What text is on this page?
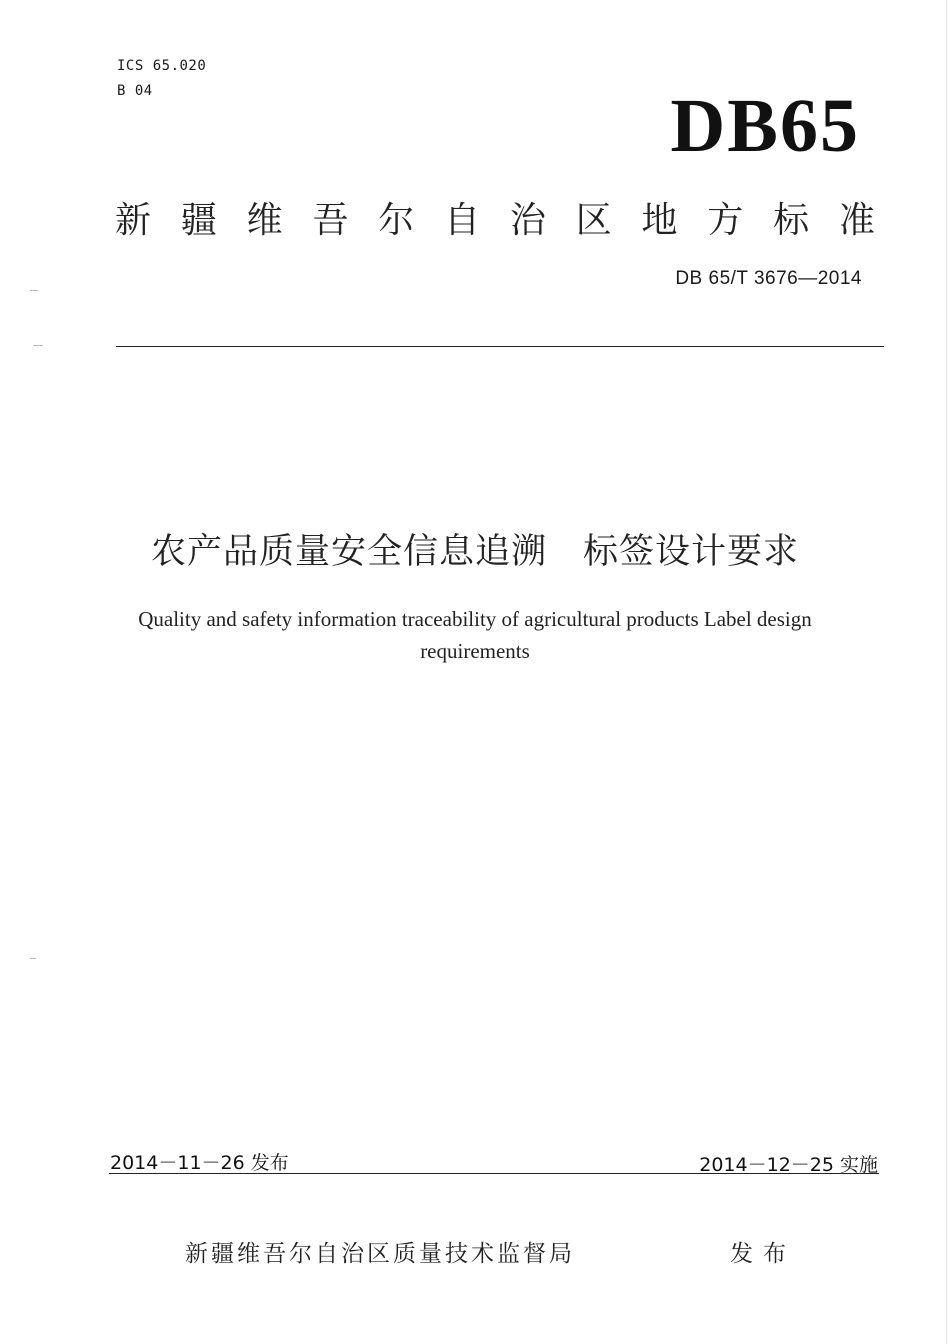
ICS 65.020
B 04	DB65
新 疆 维 吾 尔 自 治 区 地 方 标 准
DB 65/T 3676—2014
农产品质量安全信息追溯　标签设计要求
Quality and safety information traceability of agricultural products Label design
requirements
2014－11－26 发布	2014－12－25 实施
新疆维吾尔自治区质量技术监督局	发布
